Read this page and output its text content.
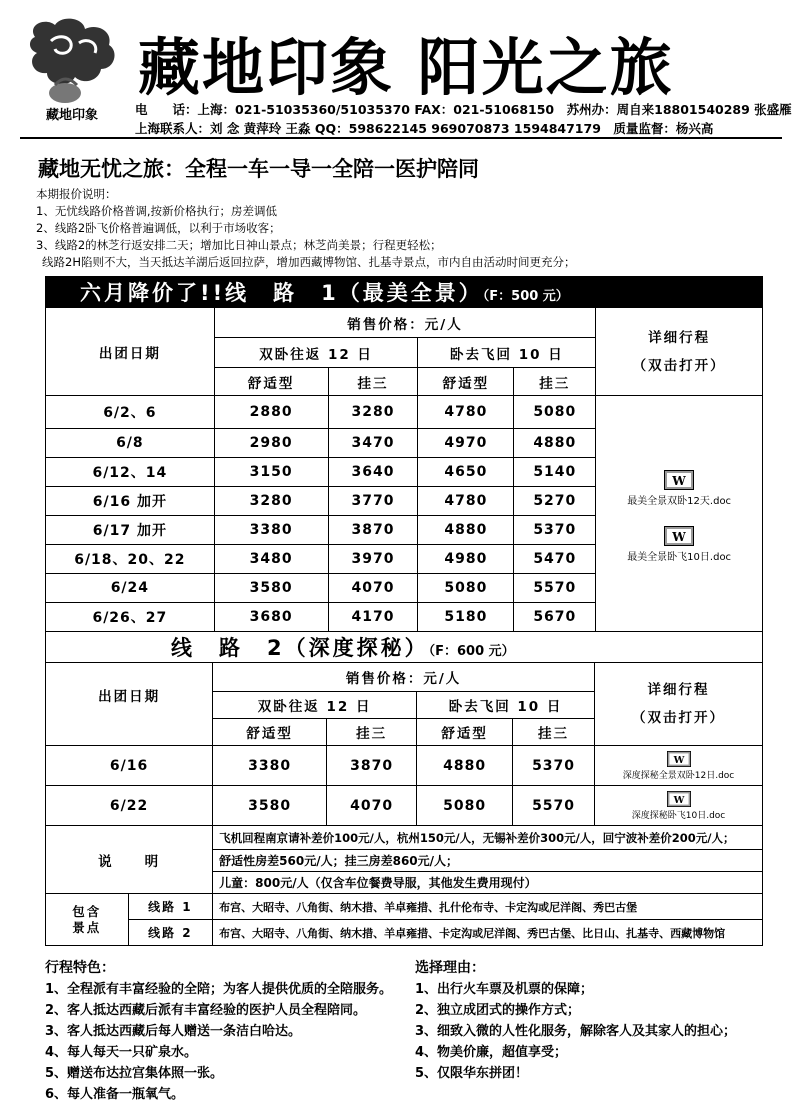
藏地印象
藏地印象 阳光之旅
电　　话：上海：021-51035360/51035370 FAX：021-51068150　苏州办：周自来18801540289 张盛雁
上海联系人：刘 念 黄萍玲 王淼 QQ：598622145 969070873 1594847179　质量监督：杨兴高
藏地无忧之旅：全程一车一导一全陪一医护陪同
本期报价说明：
1、无忧线路价格普调,按新价格执行；房差调低
2、线路2卧飞价格普遍调低，以利于市场收客；
3、线路2的林芝行返安排二天；增加比日神山景点；林芝尚美景；行程更轻松；
线路2H陷则不大，当天抵达羊湖后返回拉萨，增加西藏博物馆、扎基寺景点，市内自由活动时间更充分；
六月降价了!!线　路　1（最美全景）（F：500 元）					
出团日期	销售价格：元/人				详细行程
（双击打开）

	双卧往返 12 日		卧去飞回 10 日		
	舒适型	挂三	舒适型	挂三	
6/2、6	2880	3280	4780	5080	W
最美全景双卧12天.doc
W
最美全景卧飞10日.doc

6/8	2980	3470	4970	4880	
6/12、14	3150	3640	4650	5140	
6/16 加开	3280	3770	4780	5270	
6/17 加开	3380	3870	4880	5370	
6/18、20、22	3480	3970	4980	5470	
6/24	3580	4070	5080	5570	
6/26、27	3680	4170	5180	5670	
线　路　2（深度探秘）（F：600 元）						
出团日期		销售价格：元/人				详细行程
（双击打开）

		双卧往返 12 日		卧去飞回 10 日		
		舒适型	挂三	舒适型	挂三	
6/16		3380	3870	4880	5370	W
深度探秘全景双卧12日.doc

6/22		3580	4070	5080	5570	W
深度探秘卧飞10日.doc

说　　明		飞机回程南京请补差价100元/人，杭州150元/人，无锡补差价300元/人，回宁波补差价200元/人；				
		舒适性房差560元/人；挂三房差860元/人；				
		儿童：800元/人（仅含车位餐费导服，其他发生费用现付）				

包含
景点	线路 1	布宫、大昭寺、八角街、纳木措、羊卓雍措、扎什伦布寺、卡定沟或尼洋阁、秀巴古堡				
	线路 2	布宫、大昭寺、八角街、纳木措、羊卓雍措、卡定沟或尼洋阁、秀巴古堡、比日山、扎基寺、西藏博物馆				
行程特色：
1、全程派有丰富经验的全陪；为客人提供优质的全陪服务。
2、客人抵达西藏后派有丰富经验的医护人员全程陪同。
3、客人抵达西藏后每人赠送一条洁白哈达。
4、每人每天一只矿泉水。
5、赠送布达拉宫集体照一张。
6、每人准备一瓶氧气。
选择理由：
1、出行火车票及机票的保障；
2、独立成团式的操作方式；
3、细致入微的人性化服务，解除客人及其家人的担心；
4、物美价廉，超值享受；
5、仅限华东拼团！
